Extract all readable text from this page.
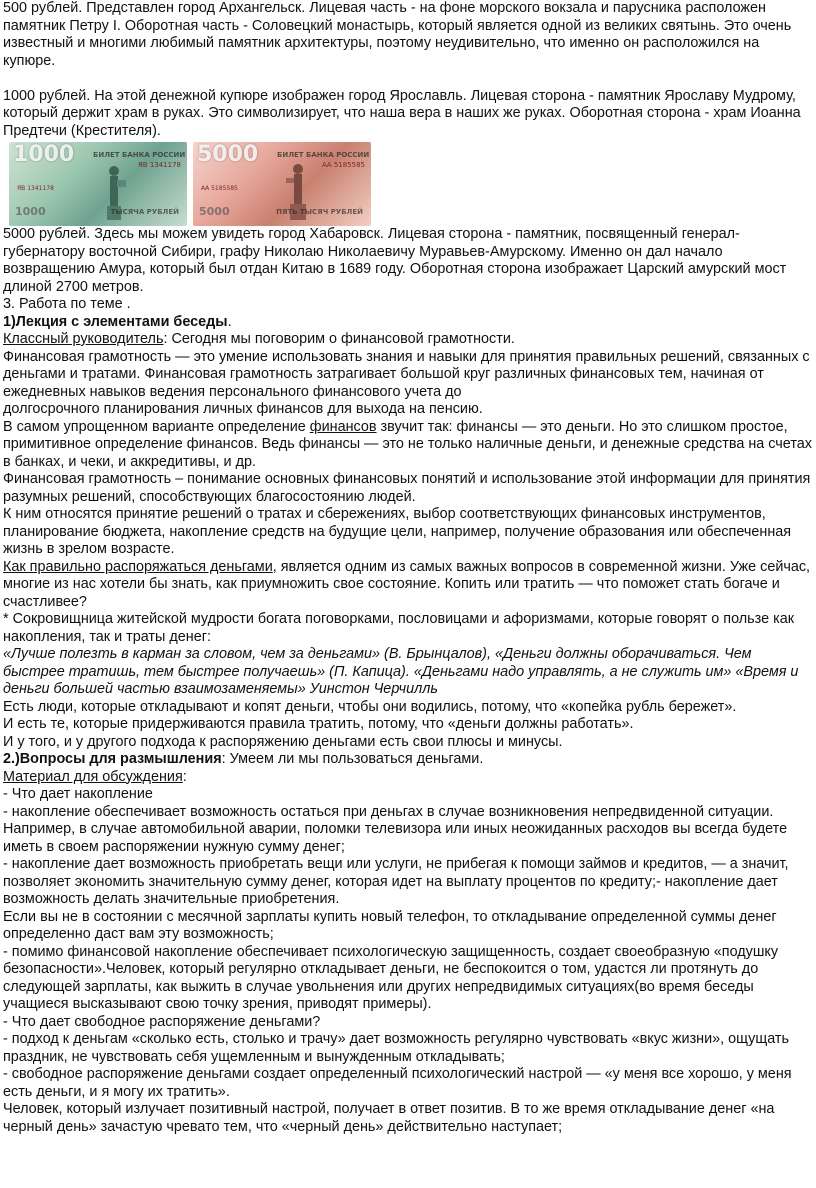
500 рублей. Представлен город Архангельск. Лицевая часть - на фоне морского вокзала и парусника расположен памятник Петру I. Оборотная часть - Соловецкий монастырь, который является одной из великих святынь. Это очень известный и многими любимый памятник архитектуры, поэтому неудивительно, что именно он расположился на купюре.

1000 рублей. На этой денежной купюре изображен город Ярославль. Лицевая сторона - памятник Ярославу Мудрому, который держит храм в руках. Это символизирует, что наша вера в наших же руках. Оборотная сторона - храм Иоанна Предтечи (Крестителя).

1000	БИЛЕТ БАНКА РОССИИ
ЯВ 1341178
ЯВ 1341178
ТЫСЯЧА РУБЛЕЙ
1000
5000	БИЛЕТ БАНКА РОССИИ
АА 5185585
АА 5185585
ПЯТЬ ТЫСЯЧ РУБЛЕЙ
5000

5000 рублей. Здесь мы можем увидеть город Хабаровск. Лицевая сторона - памятник, посвященный генерал-губернатору восточной Сибири, графу Николаю Николаевичу Муравьев-Амурскому. Именно он дал начало возвращению Амура, который был отдан Китаю в 1689 году. Оборотная сторона изображает Царский амурский мост длиной 2700 метров.

3. Работа по теме .

1)Лекция с элементами беседы.

Классный руководитель: Сегодня мы поговорим о финансовой грамотности.

Финансовая грамотность — это умение использовать знания и навыки для принятия правильных решений, связанных с деньгами и тратами. Финансовая грамотность затрагивает большой круг различных финансовых тем, начиная от ежедневных навыков ведения персонального финансового учета до

долгосрочного планирования личных финансов для выхода на пенсию.

В самом упрощенном варианте определение финансов звучит так: финансы — это деньги. Но это слишком простое, примитивное определение финансов. Ведь финансы — это не только наличные деньги, и денежные средства на счетах в банках, и чеки, и аккредитивы, и др.

Финансовая грамотность – понимание основных финансовых понятий и использование этой информации для принятия разумных решений, способствующих благосостоянию людей.

К ним относятся принятие решений о тратах и сбережениях, выбор соответствующих финансовых инструментов, планирование бюджета, накопление средств на будущие цели, например, получение образования или обеспеченная жизнь в зрелом возрасте.

Как правильно распоряжаться деньгами, является одним из самых важных вопросов в современной жизни. Уже сейчас, многие из нас хотели бы знать, как приумножить свое состояние. Копить или тратить — что поможет стать богаче и счастливее?

* Сокровищница житейской мудрости богата поговорками, пословицами и афоризмами, которые говорят о пользе как накопления, так и траты денег:

«Лучше полезть в карман за словом, чем за деньгами» (В. Брынцалов), «Деньги должны оборачиваться. Чем быстрее тратишь, тем быстрее получаешь» (П. Капица). «Деньгами надо управлять, а не служить им» «Время и деньги большей частью взаимозаменяемы» Уинстон Черчилль

Есть люди, которые откладывают и копят деньги, чтобы они водились, потому, что «копейка рубль бережет».

И есть те, которые придерживаются правила тратить, потому, что «деньги должны работать».

И у того, и у другого подхода к распоряжению деньгами есть свои плюсы и минусы.

2.)Вопросы для размышления: Умеем ли мы пользоваться деньгами.

Материал для обсуждения:

- Что дает накопление

- накопление обеспечивает возможность остаться при деньгах в случае возникновения непредвиденной ситуации.

Например, в случае автомобильной аварии, поломки телевизора или иных неожиданных расходов вы всегда будете иметь в своем распоряжении нужную сумму денег;

- накопление дает возможность приобретать вещи или услуги, не прибегая к помощи займов и кредитов, — а значит, позволяет экономить значительную сумму денег, которая идет на выплату процентов по кредиту;- накопление дает возможность делать значительные приобретения.

Если вы не в состоянии с месячной зарплаты купить новый телефон, то откладывание определенной суммы денег определенно даст вам эту возможность;

- помимо финансовой накопление обеспечивает психологическую защищенность, создает своеобразную «подушку безопасности».Человек, который регулярно откладывает деньги, не беспокоится о том, удастся ли протянуть до следующей зарплаты, как выжить в случае увольнения или других непредвидимых ситуациях(во время беседы учащиеся высказывают свою точку зрения, приводят примеры).

- Что дает свободное распоряжение деньгами?

- подход к деньгам «сколько есть, столько и трачу» дает возможность регулярно чувствовать «вкус жизни», ощущать праздник, не чувствовать себя ущемленным и вынужденным откладывать;

- свободное распоряжение деньгами создает определенный психологический настрой — «у меня все хорошо, у меня есть деньги, и я могу их тратить».

Человек, который излучает позитивный настрой, получает в ответ позитив. В то же время откладывание денег «на черный день» зачастую чревато тем, что «черный день» действительно наступает;
